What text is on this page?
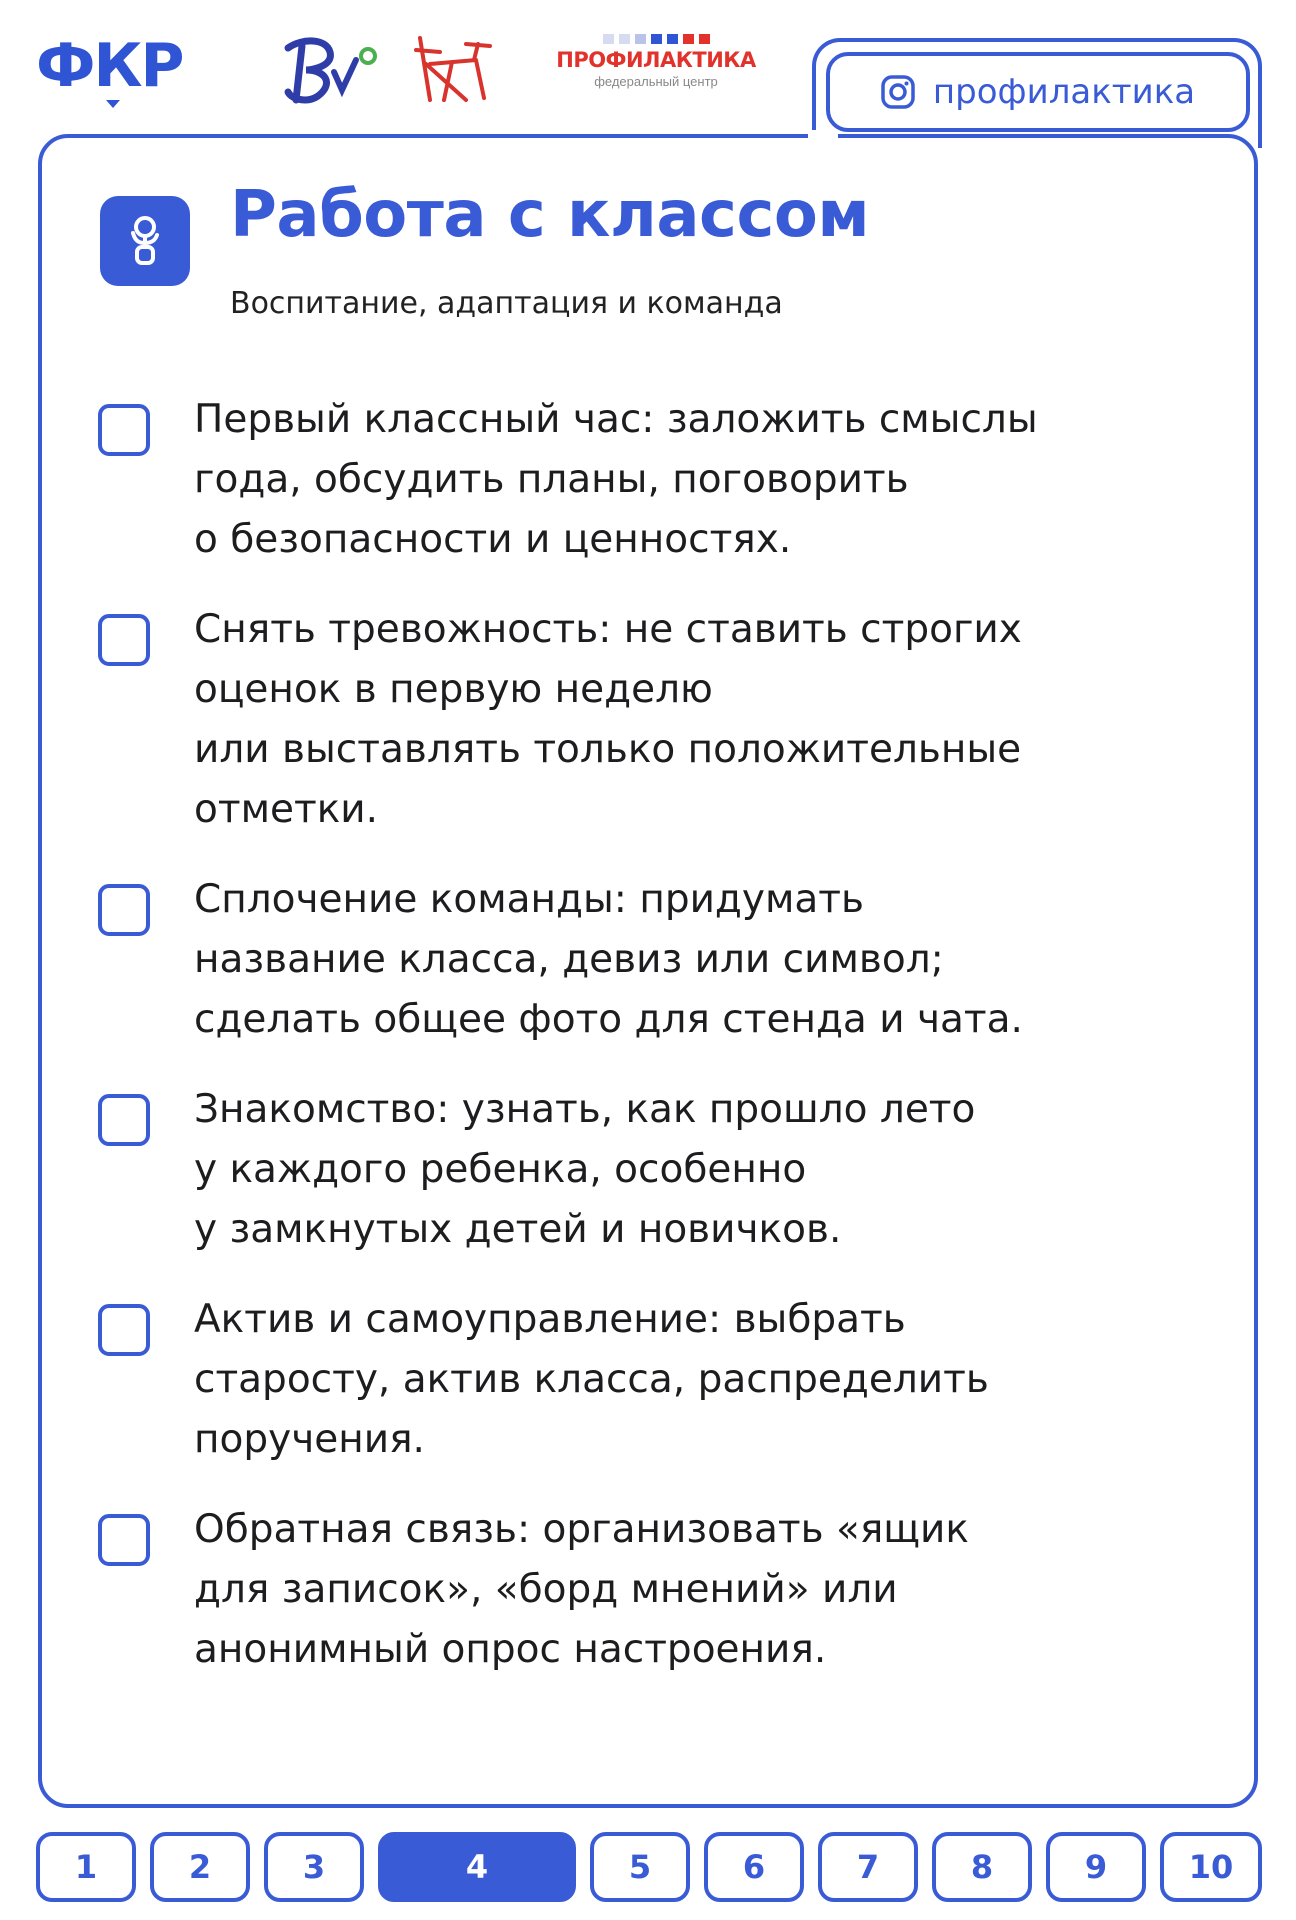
ФКР	ПРОФИЛАКТИКА
федеральный центр	профилактика
Работа с классом
Воспитание, адаптация и команда
Первый классный час: заложить смыслы
года, обсудить планы, поговорить
о безопасности и ценностях.
Снять тревожность: не ставить строгих
оценок в первую неделю
или выставлять только положительные
отметки.
Сплочение команды: придумать
название класса, девиз или символ;
сделать общее фото для стенда и чата.
Знакомство: узнать, как прошло лето
у каждого ребенка, особенно
у замкнутых детей и новичков.
Актив и самоуправление: выбрать
старосту, актив класса, распределить
поручения.
Обратная связь: организовать «ящик
для записок», «борд мнений» или
анонимный опрос настроения.
1	2	3	4	5	6	7	8	9	10
